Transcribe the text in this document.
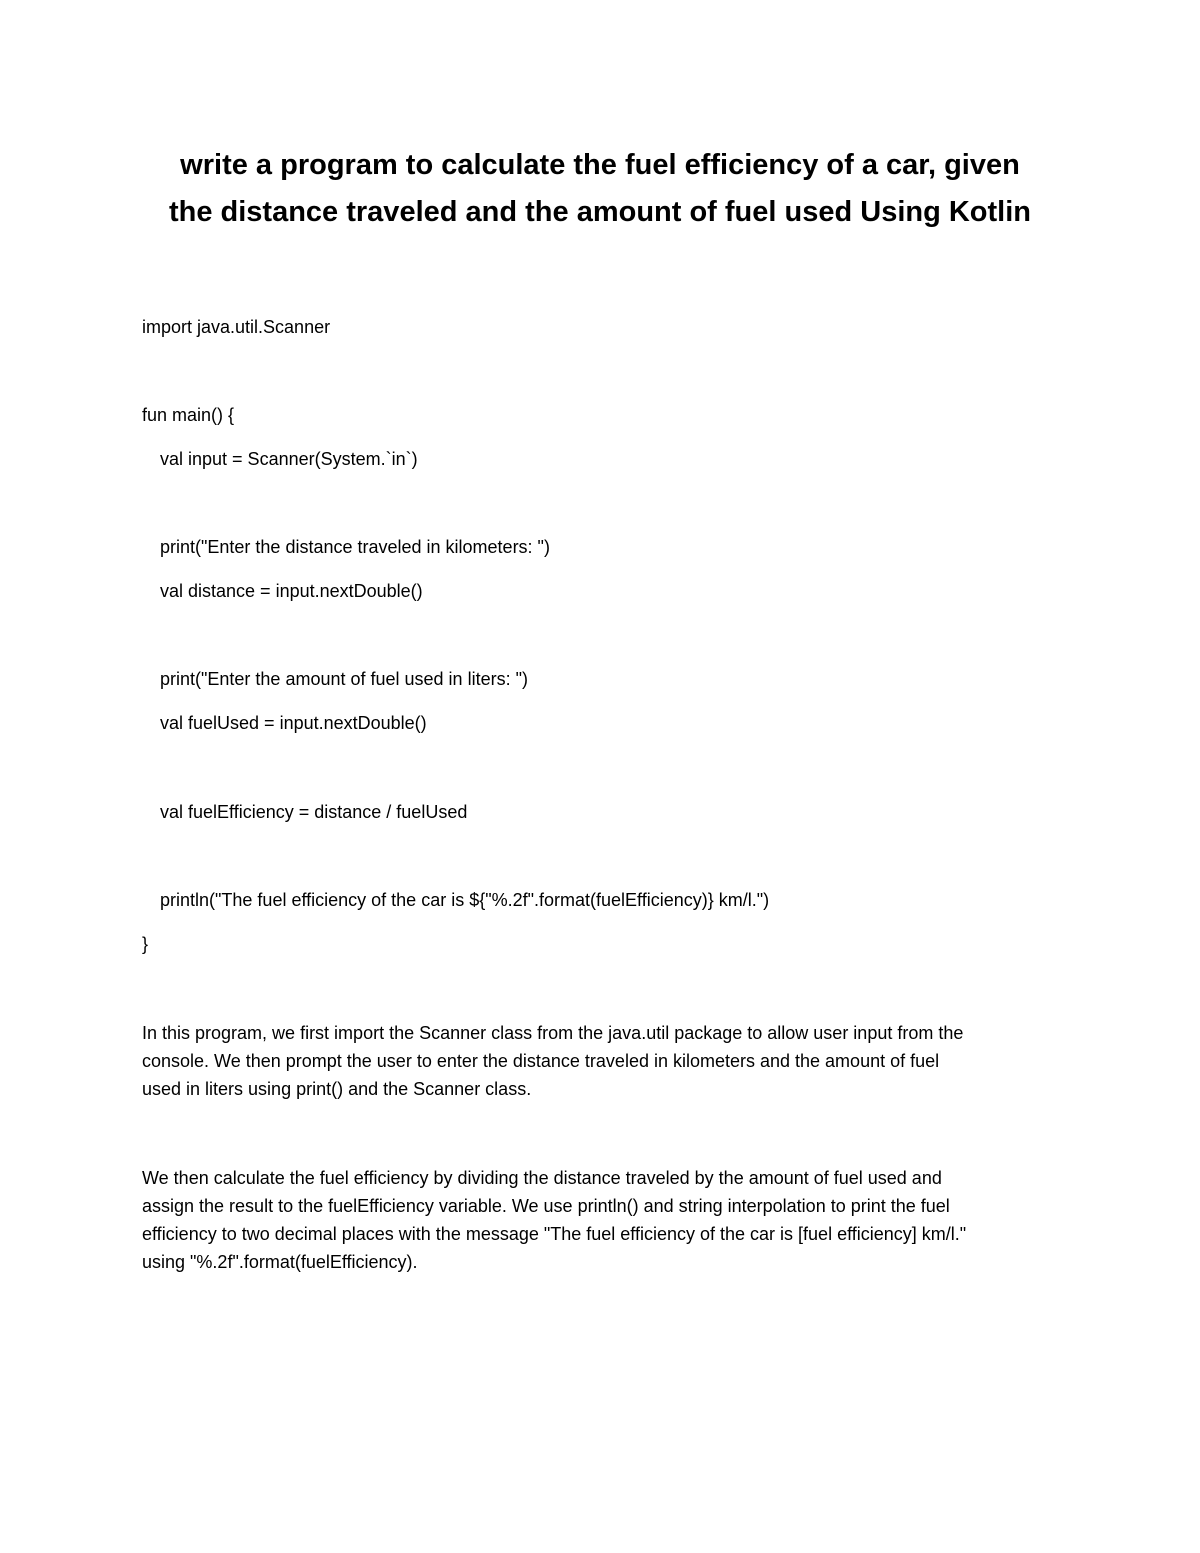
write a program to calculate the fuel efficiency of a car, given
the distance traveled and the amount of fuel used Using Kotlin
import java.util.Scanner
fun main() {
val input = Scanner(System.`in`)
print("Enter the distance traveled in kilometers: ")
val distance = input.nextDouble()
print("Enter the amount of fuel used in liters: ")
val fuelUsed = input.nextDouble()
val fuelEfficiency = distance / fuelUsed
println("The fuel efficiency of the car is ${"%.2f".format(fuelEfficiency)} km/l.")
}
In this program, we first import the Scanner class from the java.util package to allow user input from the
console. We then prompt the user to enter the distance traveled in kilometers and the amount of fuel
used in liters using print() and the Scanner class.
We then calculate the fuel efficiency by dividing the distance traveled by the amount of fuel used and
assign the result to the fuelEfficiency variable. We use println() and string interpolation to print the fuel
efficiency to two decimal places with the message "The fuel efficiency of the car is [fuel efficiency] km/l."
using "%.2f".format(fuelEfficiency).
